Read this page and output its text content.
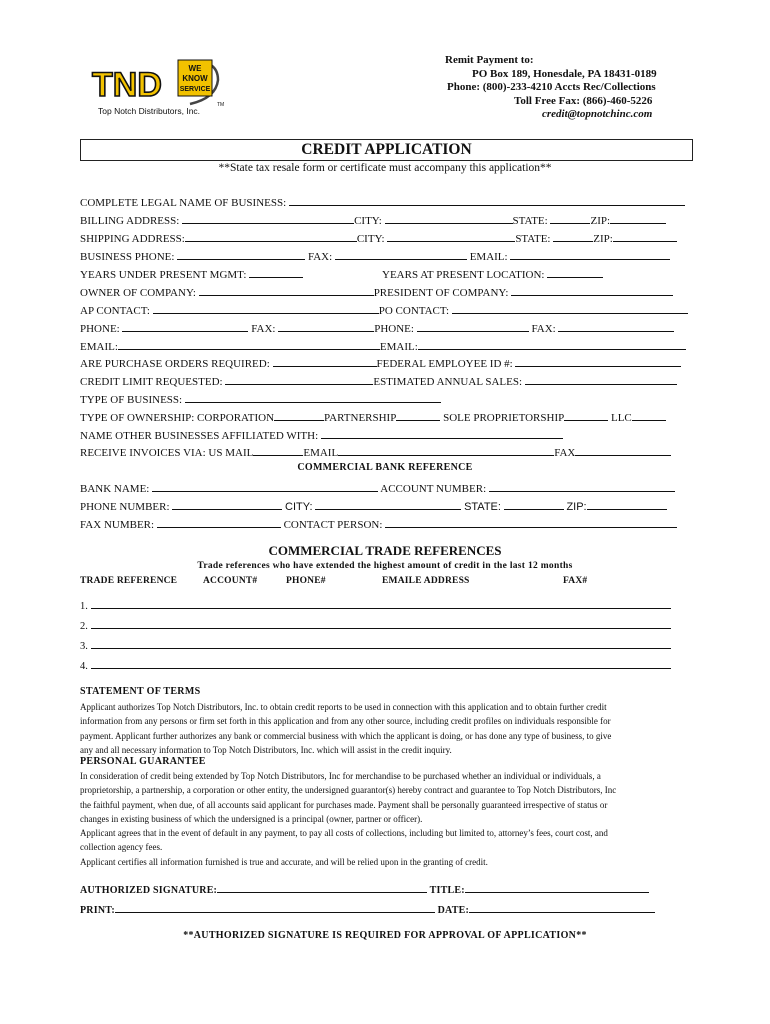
TND	WE
KNOW
SERVICE
TM
Top Notch Distributors, Inc.
Remit Payment to:
PO Box 189, Honesdale, PA 18431-0189
Phone: (800)-233-4210 Accts Rec/Collections
Toll Free Fax: (866)-460-5226
credit@topnotchinc.com
CREDIT APPLICATION
**State tax resale form or certificate must accompany this application**
COMPLETE LEGAL NAME OF BUSINESS:
BILLING ADDRESS:	CITY:	STATE:	ZIP:
SHIPPING ADDRESS:	CITY:	STATE:	ZIP:
BUSINESS PHONE:	FAX:	EMAIL:
YEARS UNDER PRESENT MGMT:	YEARS AT PRESENT LOCATION:
OWNER OF COMPANY:	PRESIDENT OF COMPANY:
AP CONTACT:	PO CONTACT:
PHONE:	FAX:	PHONE:	FAX:
EMAIL:	EMAIL:
ARE PURCHASE ORDERS REQUIRED:	FEDERAL EMPLOYEE ID #:
CREDIT LIMIT REQUESTED:	ESTIMATED ANNUAL SALES:
TYPE OF BUSINESS:
TYPE OF OWNERSHIP: CORPORATION	PARTNERSHIP	SOLE PROPRIETORSHIP	LLC
NAME OTHER BUSINESSES AFFILIATED WITH:
RECEIVE INVOICES VIA: US MAIL	EMAIL	FAX
COMMERCIAL BANK REFERENCE
BANK NAME:	ACCOUNT NUMBER:
PHONE NUMBER:	CITY:	STATE:	ZIP:
FAX NUMBER:	CONTACT PERSON:
COMMERCIAL TRADE REFERENCES
Trade references who have extended the highest amount of credit in the last 12 months
TRADE REFERENCE	ACCOUNT#	PHONE#	EMAILE ADDRESS	FAX#
1.
2.
3.
4.
STATEMENT OF TERMS
Applicant authorizes Top Notch Distributors, Inc. to obtain credit reports to be used in connection with this application and to obtain further credit
information from any persons or firm set forth in this application and from any other source, including credit profiles on individuals responsible for
payment. Applicant further authorizes any bank or commercial business with which the applicant is doing, or has done any type of business, to give
any and all necessary information to Top Notch Distributors, Inc. which will assist in the credit inquiry.
PERSONAL GUARANTEE
In consideration of credit being extended by Top Notch Distributors, Inc for merchandise to be purchased whether an individual or individuals, a
proprietorship, a partnership, a corporation or other entity, the undersigned guarantor(s) hereby contract and guarantee to Top Notch Distributors, Inc
the faithful payment, when due, of all accounts said applicant for purchases made. Payment shall be personally guaranteed irrespective of status or
changes in existing business of which the undersigned is a principal (owner, partner or officer).
Applicant agrees that in the event of default in any payment, to pay all costs of collections, including but limited to, attorney’s fees, court cost, and
collection agency fees.
Applicant certifies all information furnished is true and accurate, and will be relied upon in the granting of credit.
AUTHORIZED SIGNATURE:	TITLE:
PRINT:	DATE:
**AUTHORIZED SIGNATURE IS REQUIRED FOR APPROVAL OF APPLICATION**
